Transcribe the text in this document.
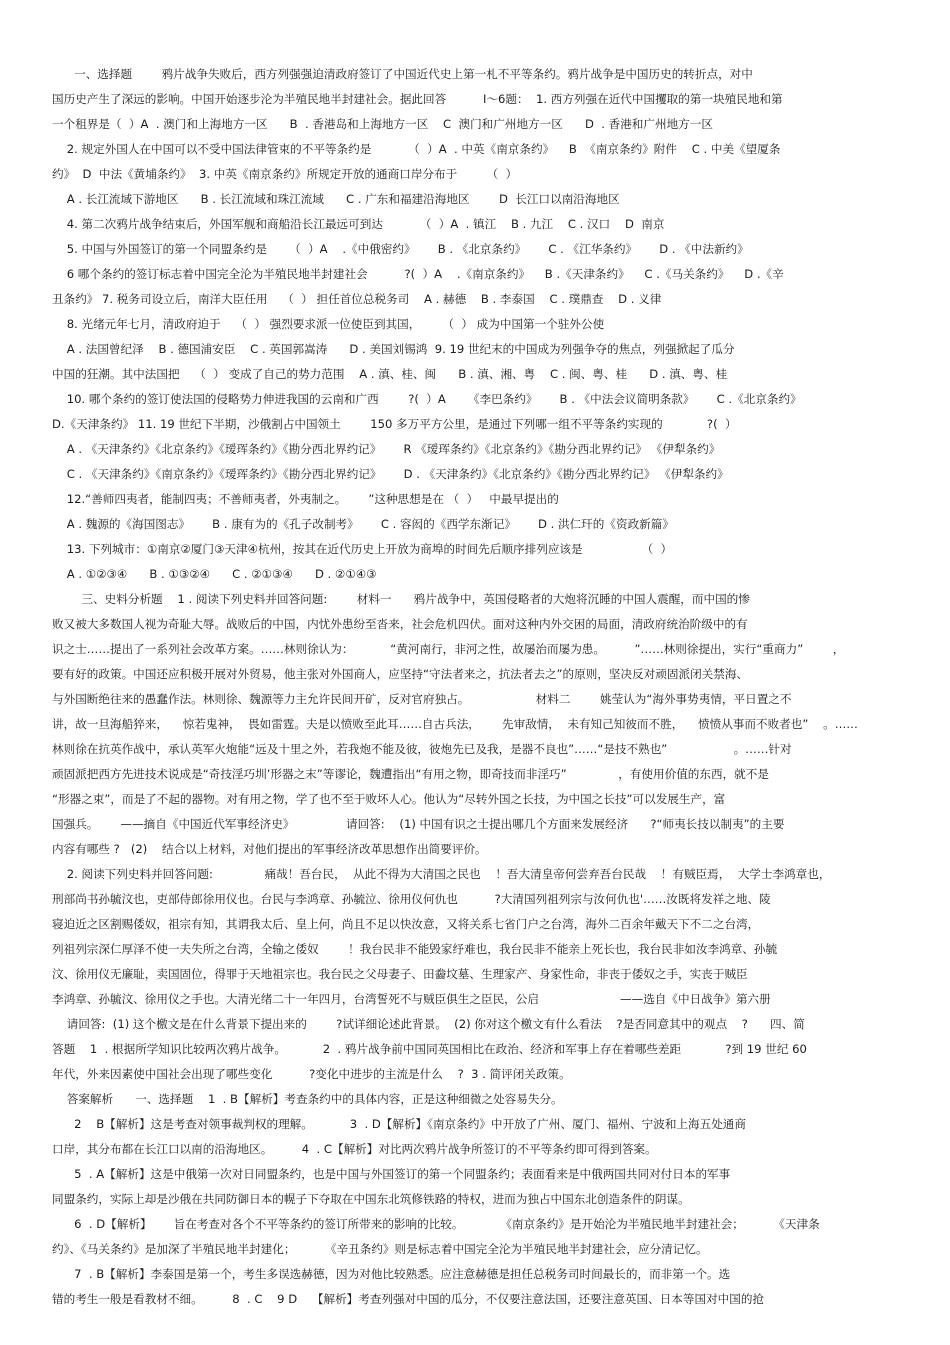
一、选择题        鸦片战争失败后，西方列强强迫清政府签订了中国近代史上第一札不平等条约。鸦片战争是中国历史的转折点，对中
国历史产生了深远的影响。中国开始逐步沦为半殖民地半封建社会。据此回答          Ⅰ～6题：  1. 西方列强在近代中国攫取的第一块殖民地和第
一个租界是（  ）A  . 澳门和上海地方一区      B  . 香港岛和上海地方一区    C  澳门和广州地方一区      D  . 香港和广州地方一区
2. 规定外国人在中国可以不受中国法律管束的不平等条约是          （  ）A  . 中英《南京条约》    B  《南京条约》附件    C . 中美《望厦条
约》  D  中法《黄埔条约》  3. 中英《南京条约》所规定开放的通商口岸分布于        （  ）
A . 长江流域下游地区      B . 长江流域和珠江流域      C . 广东和福建沿海地区        D  长江口以南沿海地区
4. 第二次鸦片战争结束后，外国军舰和商船沿长江最远可到达          （  ）A  . 镇江    B . 九江    C . 汉口    D  南京
5. 中国与外国签订的第一个同盟条约是      （  ）A    .《中俄密约》      B . 《北京条约》      C . 《江华条约》      D . 《中法新约》
6 哪个条约的签订标志着中国完全沦为半殖民地半封建社会          ?(  ）A    .《南京条约》    B .《天津条约》    C .《马关条约》    D .《辛
丑条约》 7. 税务司设立后，南洋大臣任用    （  ） 担任首位总税务司    A . 赫德    B . 李泰国    C . 璞鼎查    D . 义律
8. 光绪元年七月，清政府迫于    （  ） 强烈要求派一位使臣到其国，      （  ） 成为中国第一个驻外公使
A . 法国曾纪泽    B . 德国浦安臣    C . 英国郭嵩涛      D . 美国刘锡鸿  9. 19 世纪末的中国成为列强争夺的焦点，列强掀起了瓜分
中国的狂潮。其中法国把    （  ） 变成了自己的势力范围    A . 滇、桂、闽      B . 滇、湘、粤    C . 闽、粤、桂      D . 滇、粤、桂
10. 哪个条约的签订使法国的侵略势力伸进我国的云南和广西        ?(  ）A      《李巴条约》      B . 《中法会议简明条款》      C .《北京条约》
D.《天津条约》 11. 19 世纪下半期，沙俄割占中国领土        150 多万平方公里，是通过下列哪一组不平等条约实现的            ?(  ）
A . 《天津条约》《北京条约》《瑷珲条约》《勘分西北界约记》      R 《瑷珲条约》《北京条约》《勘分西北界约记》 《伊犁条约》
C . 《天津条约》《南京条约》《瑷珲条约》《勘分西北界约记》      D . 《天津条约》《北京条约》《勘分西北界约记》 《伊犁条约》
12.“善师四夷者，能制四夷；不善师夷者，外夷制之。      ”这种思想是在 （  ）   中最早提出的
A . 魏源的《海国图志》      B . 康有为的《孔子改制考》      C . 容闳的《西学东渐记》      D . 洪仁玕的《资政新篇》
13. 下列城市：①南京②厦门③天津④杭州，按其在近代历史上开放为商埠的时间先后顺序排列应该是                （  ）
A . ①②③④      B . ①③②④      C . ②①③④      D . ②①④③
三、史料分析题    1 . 阅读下列史料并回答问题:        材料一      鸦片战争中，英国侵略者的大炮将沉睡的中国人震醒，而中国的惨
败又被大多数国人视为奇耻大辱。战败后的中国，内忧外患纷至沓来，社会危机四伏。面对这种内外交困的局面，清政府统治阶级中的有
识之士……提出了一系列社会改革方案。……林则徐认为：          “黄河南行，非河之性，故屡治而屡为患。        ”……林则徐提出，实行“重商力”        ，
要有好的政策。中国还应积极开展对外贸易，他主张对外国商人，应坚持“守法者来之，抗法者去之”的原则，坚决反对顽固派闭关禁海、
与外国断绝往来的愚蠢作法。林则徐、魏源等力主允许民间开矿，反对官府独占。                  材料二        姚莹认为“海外事势夷情，平日置之不
讲，故一旦海船猝来，    惊若鬼神，  畏如雷霆。夫是以愤败至此耳……自古兵法，      先审敌情，  未有知己知彼而不胜，    愤愤从事而不败者也”    。……
林则徐在抗英作战中，承认英军火炮能“远及十里之外，若我炮不能及彼，彼炮先已及我，是器不良也”……“是技不熟也”                  。……针对
顽固派把西方先进技术说成是“奇技淫巧圳’形器之末”等谬论，魏遭指出“有用之物，即奇技而非淫巧”              ，有使用价值的东西，就不是
“形器之束”，而是了不起的器物。对有用之物，学了也不至于败坏人心。他认为“尽转外国之长技，为中国之长技”可以发展生产，富
国强兵。      ——摘自《中国近代军事经济史》              请回答:    (1) 中国有识之士提出哪几个方面来发展经济      ?“师夷长技以制夷”的主要
内容有哪些 ?   (2)    结合以上材料，对他们提出的军事经济改革思想作出简要评价。
2. 阅读下列史料并回答问题:              痛哉！吾台民，  从此不得为大清国之民也    ！吾大清皇帝何尝弃吾台民哉    ！有贼臣焉，  大学士李鸿章也，
刑部尚书孙毓汶也，吏部侍郎徐用仪也。台民与李鸿章、孙毓泣、徐用仪何仇也          ?大清国列祖列宗与汝何仇也'……汝既将发祥之地、陵
寝迫近之区割赐倭奴，祖宗有知，其谓我太后、皇上何，尚且不足以快汝意，又将关系七省门户之台湾，海外二百余年戴天下不二之台湾，
列祖列宗深仁厚泽不使一夫失所之台湾，全输之倭奴        ！我台民非不能毁家纾难也，我台民非不能亲上死长也，我台民非如汝李鸿章、孙毓
汶、徐用仪无廉耻，卖国固位，得罪于天地祖宗也。我台民之父母妻子、田齤坟墓、生理家产、身家性命，非丧于倭奴之手，实丧于贼臣
李鸿章、孙毓汶、徐用仪之手也。大清光绪二十一年四月，台湾誓死不与贼臣俱生之臣民，公启                      ——选自《中日战争》第六册
请回答:  (1) 这个檄文是在什么背景下提出来的        ?试详细论述此背景。  (2) 你对这个檄文有什么看法    ?是否同意其中的观点    ?      四、简
答题    1  . 根据所学知识比较两次鸦片战争。          2  . 鸦片战争前中国同英国相比在政治、经济和军事上存在着哪些差距            ?到 19 世纪 60
年代，外来因素使中国社会出现了哪些变化          ?变化中进步的主流是什么    ?  3 . 简评闭关政策。
答案解析      一、选择题    1  . B【解析】考查条约中的具体内容，正是这种细微之处容易失分。
2    B【解析】这是考查对领事裁判权的理解。          3  . D【解析】《南京条约》中开放了广州、厦门、福州、宁波和上海五处通商
口岸，其分布都在长江口以南的沿海地区。        4  . C【解析】对比两次鸦片战争所签订的不平等条约即可得到答案。
5  . A【解析】这是中俄第一次对日同盟条约，也是中国与外国签订的第一个同盟条约；表面看来是中俄两国共同对付日本的军事
同盟条约，实际上却是沙俄在共同防御日本的幌子下夺取在中国东北筑修铁路的特权，进而为独占中国东北创造条件的阴谋。
6  . D【解析】      旨在考查对各个不平等条约的签订所带来的影响的比较。          《南京条约》是开始沦为半殖民地半封建社会；        《天津条
约》、《马关条约》是加深了半殖民地半封建化；        《辛丑条约》则是标志着中国完全沦为半殖民地半封建社会，应分清记忆。
7  . B【解析】李泰国是第一个，考生多误选赫德，因为对他比较熟悉。应注意赫德是担任总税务司时间最长的，而非第一个。选
错的考生一般是看教材不细。        8  . C    9 D    【解析】考查列强对中国的瓜分，不仅要注意法国，还要注意英国、日本等国对中国的抢
